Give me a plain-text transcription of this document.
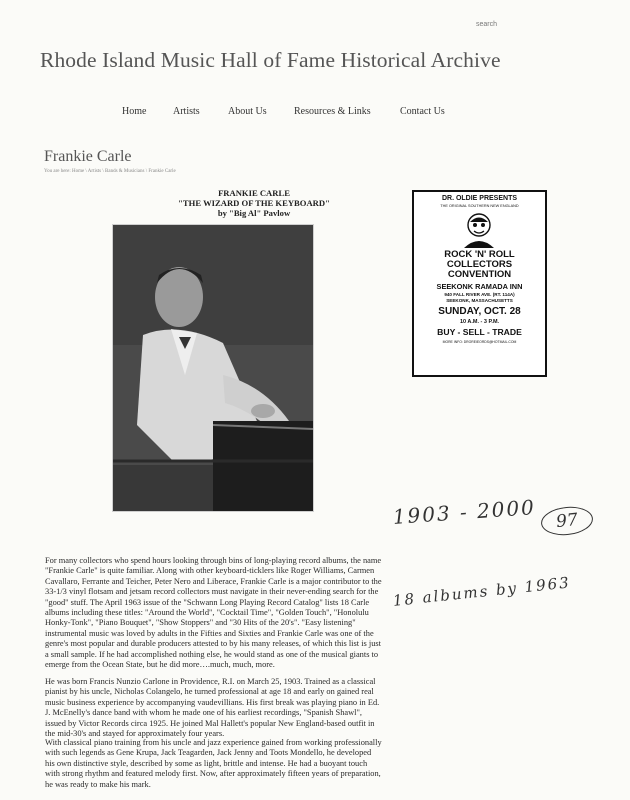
search
Rhode Island Music Hall of Fame Historical Archive
Home	Artists	About Us	Resources & Links	Contact Us
Frankie Carle
You are here: Home \ Artists \ Bands & Musicians \ Frankie Carle
FRANKIE CARLE
"THE WIZARD OF THE KEYBOARD"
by "Big Al" Pavlow
DR. OLDIE PRESENTS
THE ORIGINAL SOUTHERN NEW ENGLAND
ROCK 'N' ROLL
COLLECTORS
CONVENTION
SEEKONK RAMADA INN
940 FALL RIVER AVE. (RT. 114A)
SEEKONK, MASSACHUSETTS
SUNDAY, OCT. 28
10 A.M. - 3 P.M.
BUY - SELL - TRADE
MORE INFO: DROREIEORDS@HOTMAIL.COM
1903 - 2000	97
18 albums by 1963

For many collectors who spend hours looking through bins of long-playing record albums, the name "Frankie Carle" is quite familiar. Along with other keyboard-ticklers like Roger Williams, Carmen Cavallaro, Ferrante and Teicher, Peter Nero and Liberace, Frankie Carle is a major contributor to the 33-1/3 vinyl flotsam and jetsam record collectors must navigate in their never-ending search for the "good" stuff. The April 1963 issue of the "Schwann Long Playing Record Catalog" lists 18 Carle albums including these titles: "Around the World", "Cocktail Time", "Golden Touch", "Honolulu Honky-Tonk", "Piano Bouquet", "Show Stoppers" and "30 Hits of the 20's". "Easy listening" instrumental music was loved by adults in the Fifties and Sixties and Frankie Carle was one of the genre's most popular and durable producers attested to by his many releases, of which this list is just a small sample. If he had accomplished nothing else, he would stand as one of the musical giants to emerge from the Ocean State, but he did more….much, much, more.

He was born Francis Nunzio Carlone in Providence, R.I. on March 25, 1903. Trained as a classical pianist by his uncle, Nicholas Colangelo, he turned professional at age 18 and early on gained real music business experience by accompanying vaudevillians. His first break was playing piano in Ed. J. McEnelly's dance band with whom he made one of his earliest recordings, "Spanish Shawl", issued by Victor Records circa 1925. He joined Mal Hallett's popular New England-based outfit in the mid-30's and stayed for approximately four years.

With classical piano training from his uncle and jazz experience gained from working professionally with such legends as Gene Krupa, Jack Teagarden, Jack Jenny and Toots Mondello, he developed his own distinctive style, described by some as light, brittle and intense. He had a buoyant touch with strong rhythm and featured melody first. Now, after approximately fifteen years of preparation, he was ready to make his mark.
